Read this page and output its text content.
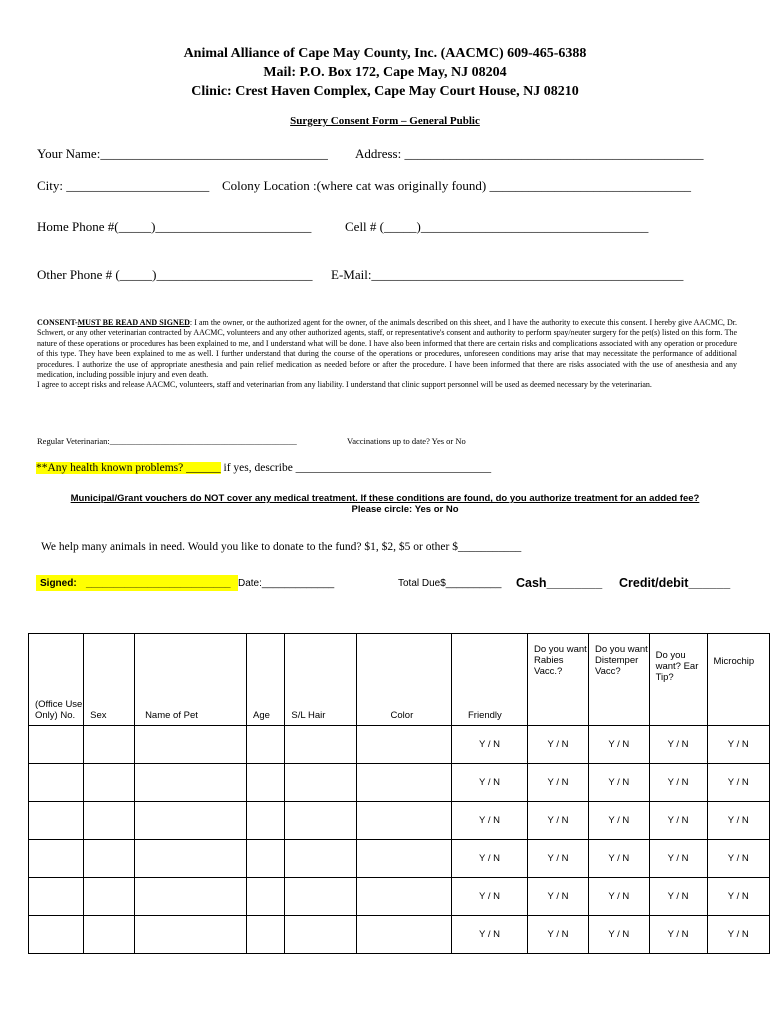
Animal Alliance of Cape May County, Inc. (AACMC) 609-465-6388
Mail: P.O. Box 172, Cape May, NJ 08204
Clinic: Crest Haven Complex, Cape May Court House, NJ 08210
Surgery Consent Form – General Public
Your Name:___________________________________ Address: ______________________________________________
City: ______________________ Colony Location :(where cat was originally found) _______________________________
Home Phone #(_____)________________________	Cell # (_____)___________________________________
Other Phone # (_____)________________________ E-Mail:________________________________________________
CONSENT-MUST BE READ AND SIGNED: I am the owner, or the authorized agent for the owner, of the animals described on this sheet, and I have the authority to execute this consent. I hereby give AACMC, Dr. Schwert, or any other veterinarian contracted by AACMC, volunteers and any other authorized agents, staff, or representative's consent and authority to perform spay/neuter surgery for the pet(s) listed on this form. The nature of these operations or procedures has been explained to me, and I understand what will be done. I have also been informed that there are certain risks and complications associated with any operation or procedure of this type. They have been explained to me as well. I further understand that during the course of the operations or procedures, unforeseen conditions may arise that may necessitate the performance of additional procedures. I authorize the use of appropriate anesthesia and pain relief medication as needed before or after the procedure. I have been informed that there are risks associated with the use of anesthesia and any medication, including possible injury and even death.
I agree to accept risks and release AACMC, volunteers, staff and veterinarian from any liability. I understand that clinic support personnel will be used as deemed necessary by the veterinarian.
Regular Veterinarian:____________________________________________	Vaccinations up to date? Yes or No
**Any health known problems? ______ if yes, describe __________________________________
Municipal/Grant vouchers do NOT cover any medical treatment. If these conditions are found, do you authorize treatment for an added fee?
Please circle: Yes or No
We help many animals in need. Would you like to donate to the fund? $1, $2, $5 or other $___________
Signed: __________________________ Date:_____________	Total Due$__________ Cash________ Credit/debit______
(Office Use Only) No.	Sex	Name of Pet	Age	S/L Hair	Color	Friendly	Do you want Rabies Vacc.?	Do you want Distemper Vacc?	Do you want? Ear Tip?	Microchip
						Y / N	Y / N	Y / N	Y / N	Y / N
						Y / N	Y / N	Y / N	Y / N	Y / N
						Y / N	Y / N	Y / N	Y / N	Y / N
						Y / N	Y / N	Y / N	Y / N	Y / N
						Y / N	Y / N	Y / N	Y / N	Y / N
						Y / N	Y / N	Y / N	Y / N	Y / N
